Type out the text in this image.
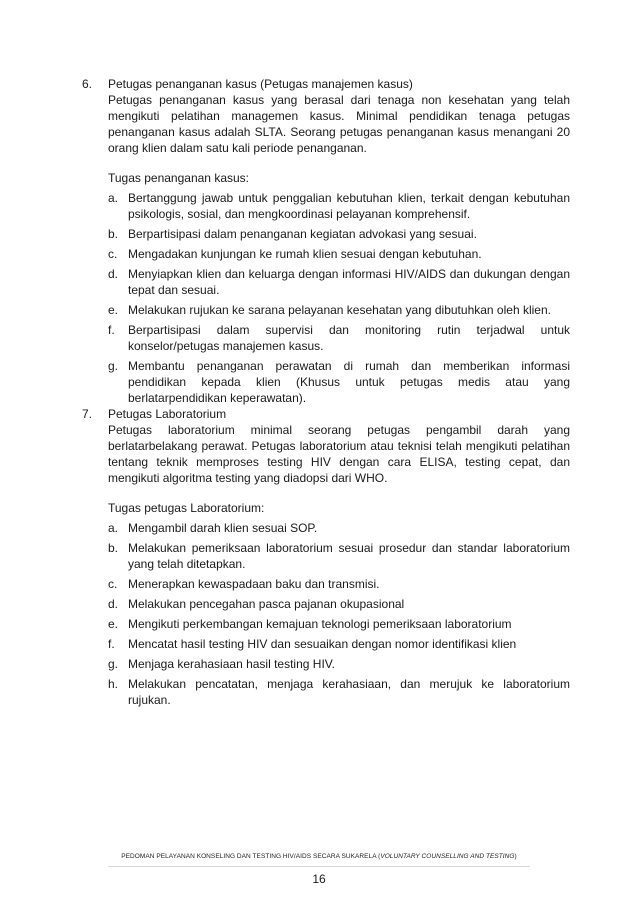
6.	Petugas penanganan kasus (Petugas manajemen kasus)
Petugas penanganan kasus yang berasal dari tenaga non kesehatan yang telah mengikuti pelatihan managemen kasus. Minimal pendidikan tenaga petugas penanganan kasus adalah SLTA. Seorang petugas penanganan kasus menangani 20 orang klien dalam satu kali periode penanganan.
Tugas penanganan kasus:
a. Bertanggung jawab untuk penggalian kebutuhan klien, terkait dengan kebutuhan psikologis, sosial, dan mengkoordinasi pelayanan komprehensif.
b. Berpartisipasi dalam penanganan kegiatan advokasi yang sesuai.
c. Mengadakan kunjungan ke rumah klien sesuai dengan kebutuhan.
d. Menyiapkan klien dan keluarga dengan informasi HIV/AIDS dan dukungan dengan tepat dan sesuai.
e. Melakukan rujukan ke sarana pelayanan kesehatan yang dibutuhkan oleh klien.
f.	Berpartisipasi dalam supervisi dan monitoring rutin terjadwal untuk konselor/petugas manajemen kasus.
g. Membantu penanganan perawatan di rumah dan memberikan informasi pendidikan kepada klien (Khusus untuk petugas medis atau yang berlatarpendidikan keperawatan).
7.	Petugas Laboratorium
Petugas laboratorium minimal seorang petugas pengambil darah yang berlatarbelakang perawat. Petugas laboratorium atau teknisi telah mengikuti pelatihan tentang teknik memproses testing HIV dengan cara ELISA, testing cepat, dan mengikuti algoritma testing yang diadopsi dari WHO.
Tugas petugas Laboratorium:
a. Mengambil darah klien sesuai SOP.
b. Melakukan pemeriksaan laboratorium sesuai prosedur dan standar laboratorium yang telah ditetapkan.
c. Menerapkan kewaspadaan baku dan transmisi.
d. Melakukan pencegahan pasca pajanan okupasional
e. Mengikuti perkembangan kemajuan teknologi pemeriksaan laboratorium
f.	Mencatat hasil testing HIV dan sesuaikan dengan nomor identifikasi klien
g. Menjaga kerahasiaan hasil testing HIV.
h. Melakukan pencatatan, menjaga kerahasiaan, dan merujuk ke laboratorium rujukan.
PEDOMAN PELAYANAN KONSELING DAN TESTING HIV/AIDS SECARA SUKARELA (VOLUNTARY COUNSELLING AND TESTING)
16
